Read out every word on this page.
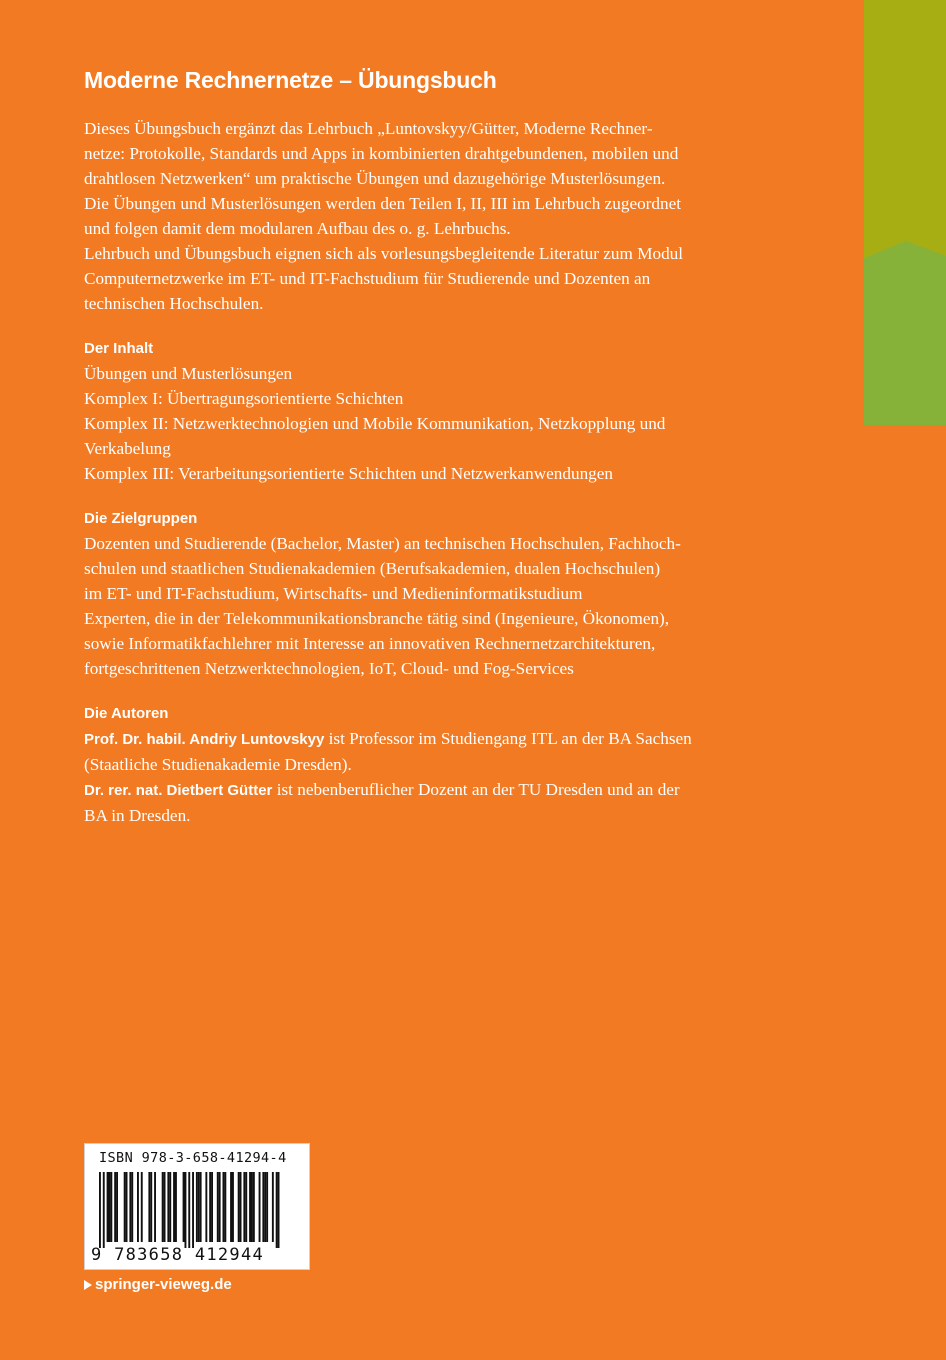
Moderne Rechnernetze – Übungsbuch
Dieses Übungsbuch ergänzt das Lehrbuch „Luntovskyy/Gütter, Moderne Rechner-
netze: Protokolle, Standards und Apps in kombinierten drahtgebundenen, mobilen und
drahtlosen Netzwerken“ um praktische Übungen und dazugehörige Musterlösungen.
Die Übungen und Musterlösungen werden den Teilen I, II, III im Lehrbuch zugeordnet
und folgen damit dem modularen Aufbau des o. g. Lehrbuchs.
Lehrbuch und Übungsbuch eignen sich als vorlesungsbegleitende Literatur zum Modul
Computernetzwerke im ET- und IT-Fachstudium für Studierende und Dozenten an
technischen Hochschulen.
Der Inhalt
Übungen und Musterlösungen
Komplex I: Übertragungsorientierte Schichten
Komplex II: Netzwerktechnologien und Mobile Kommunikation, Netzkopplung und
Verkabelung
Komplex III: Verarbeitungsorientierte Schichten und Netzwerkanwendungen
Die Zielgruppen
Dozenten und Studierende (Bachelor, Master) an technischen Hochschulen, Fachhoch-
schulen und staatlichen Studienakademien (Berufsakademien, dualen Hochschulen)
im ET- und IT-Fachstudium, Wirtschafts- und Medieninformatikstudium
Experten, die in der Telekommunikationsbranche tätig sind (Ingenieure, Ökonomen),
sowie Informatikfachlehrer mit Interesse an innovativen Rechnernetzarchitekturen,
fortgeschrittenen Netzwerktechnologien, IoT, Cloud- und Fog-Services
Die Autoren
Prof. Dr. habil. Andriy Luntovskyy ist Professor im Studiengang ITL an der BA Sachsen
(Staatliche Studienakademie Dresden).
Dr. rer. nat. Dietbert Gütter ist nebenberuflicher Dozent an der TU Dresden und an der
BA in Dresden.
ISBN 978-3-658-41294-4
9 783658 412944
springer-vieweg.de
